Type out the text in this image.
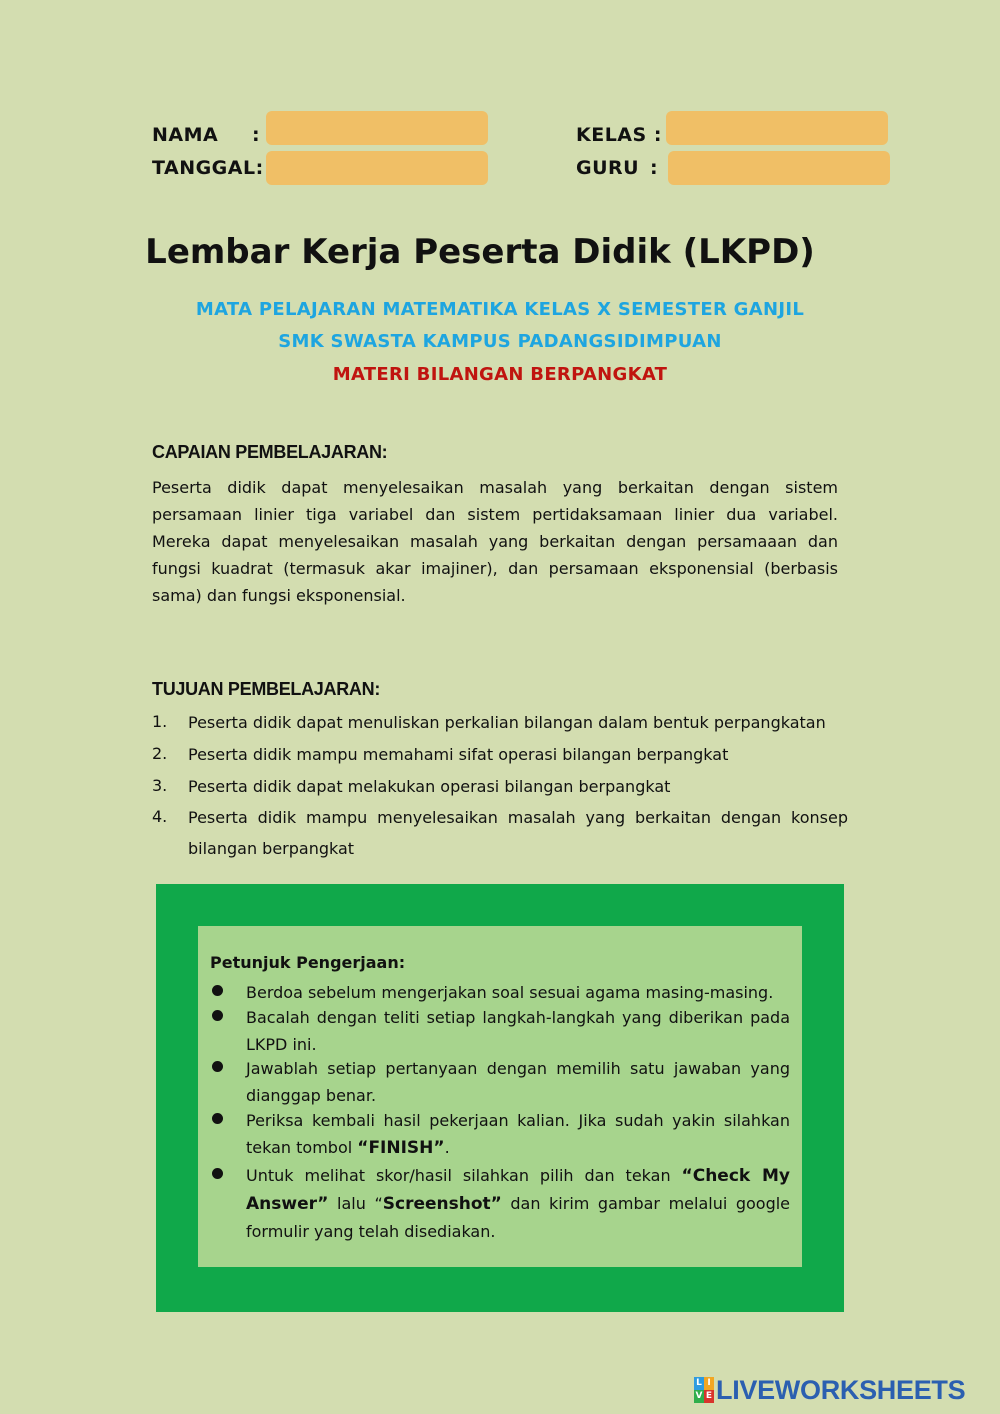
NAMA :
TANGGAL:
KELAS :
GURU :
Lembar Kerja Peserta Didik (LKPD)
MATA PELAJARAN MATEMATIKA KELAS X SEMESTER GANJIL
SMK SWASTA KAMPUS PADANGSIDIMPUAN
MATERI BILANGAN BERPANGKAT
CAPAIAN PEMBELAJARAN:

Peserta didik dapat menyelesaikan masalah yang berkaitan dengan sistem persamaan linier tiga variabel dan sistem pertidaksamaan linier dua variabel. Mereka dapat menyelesaikan masalah yang berkaitan dengan persamaaan dan fungsi kuadrat (termasuk akar imajiner), dan persamaan eksponensial (berbasis sama) dan fungsi eksponensial.

TUJUAN PEMBELAJARAN:
1. Peserta didik dapat menuliskan perkalian bilangan dalam bentuk perpangkatan
2. Peserta didik mampu memahami sifat operasi bilangan berpangkat
3. Peserta didik dapat melakukan operasi bilangan berpangkat
4. Peserta didik mampu menyelesaikan masalah yang berkaitan dengan konsep bilangan berpangkat
Petunjuk Pengerjaan:
Berdoa sebelum mengerjakan soal sesuai agama masing-masing.
Bacalah dengan teliti setiap langkah-langkah yang diberikan pada LKPD ini.
Jawablah setiap pertanyaan dengan memilih satu jawaban yang dianggap benar.
Periksa kembali hasil pekerjaan kalian. Jika sudah yakin silahkan tekan tombol “FINISH”.
Untuk melihat skor/hasil silahkan pilih dan tekan “Check My Answer” lalu “Screenshot” dan kirim gambar melalui google formulir yang telah disediakan.
L I
V E LIVEWORKSHEETS
